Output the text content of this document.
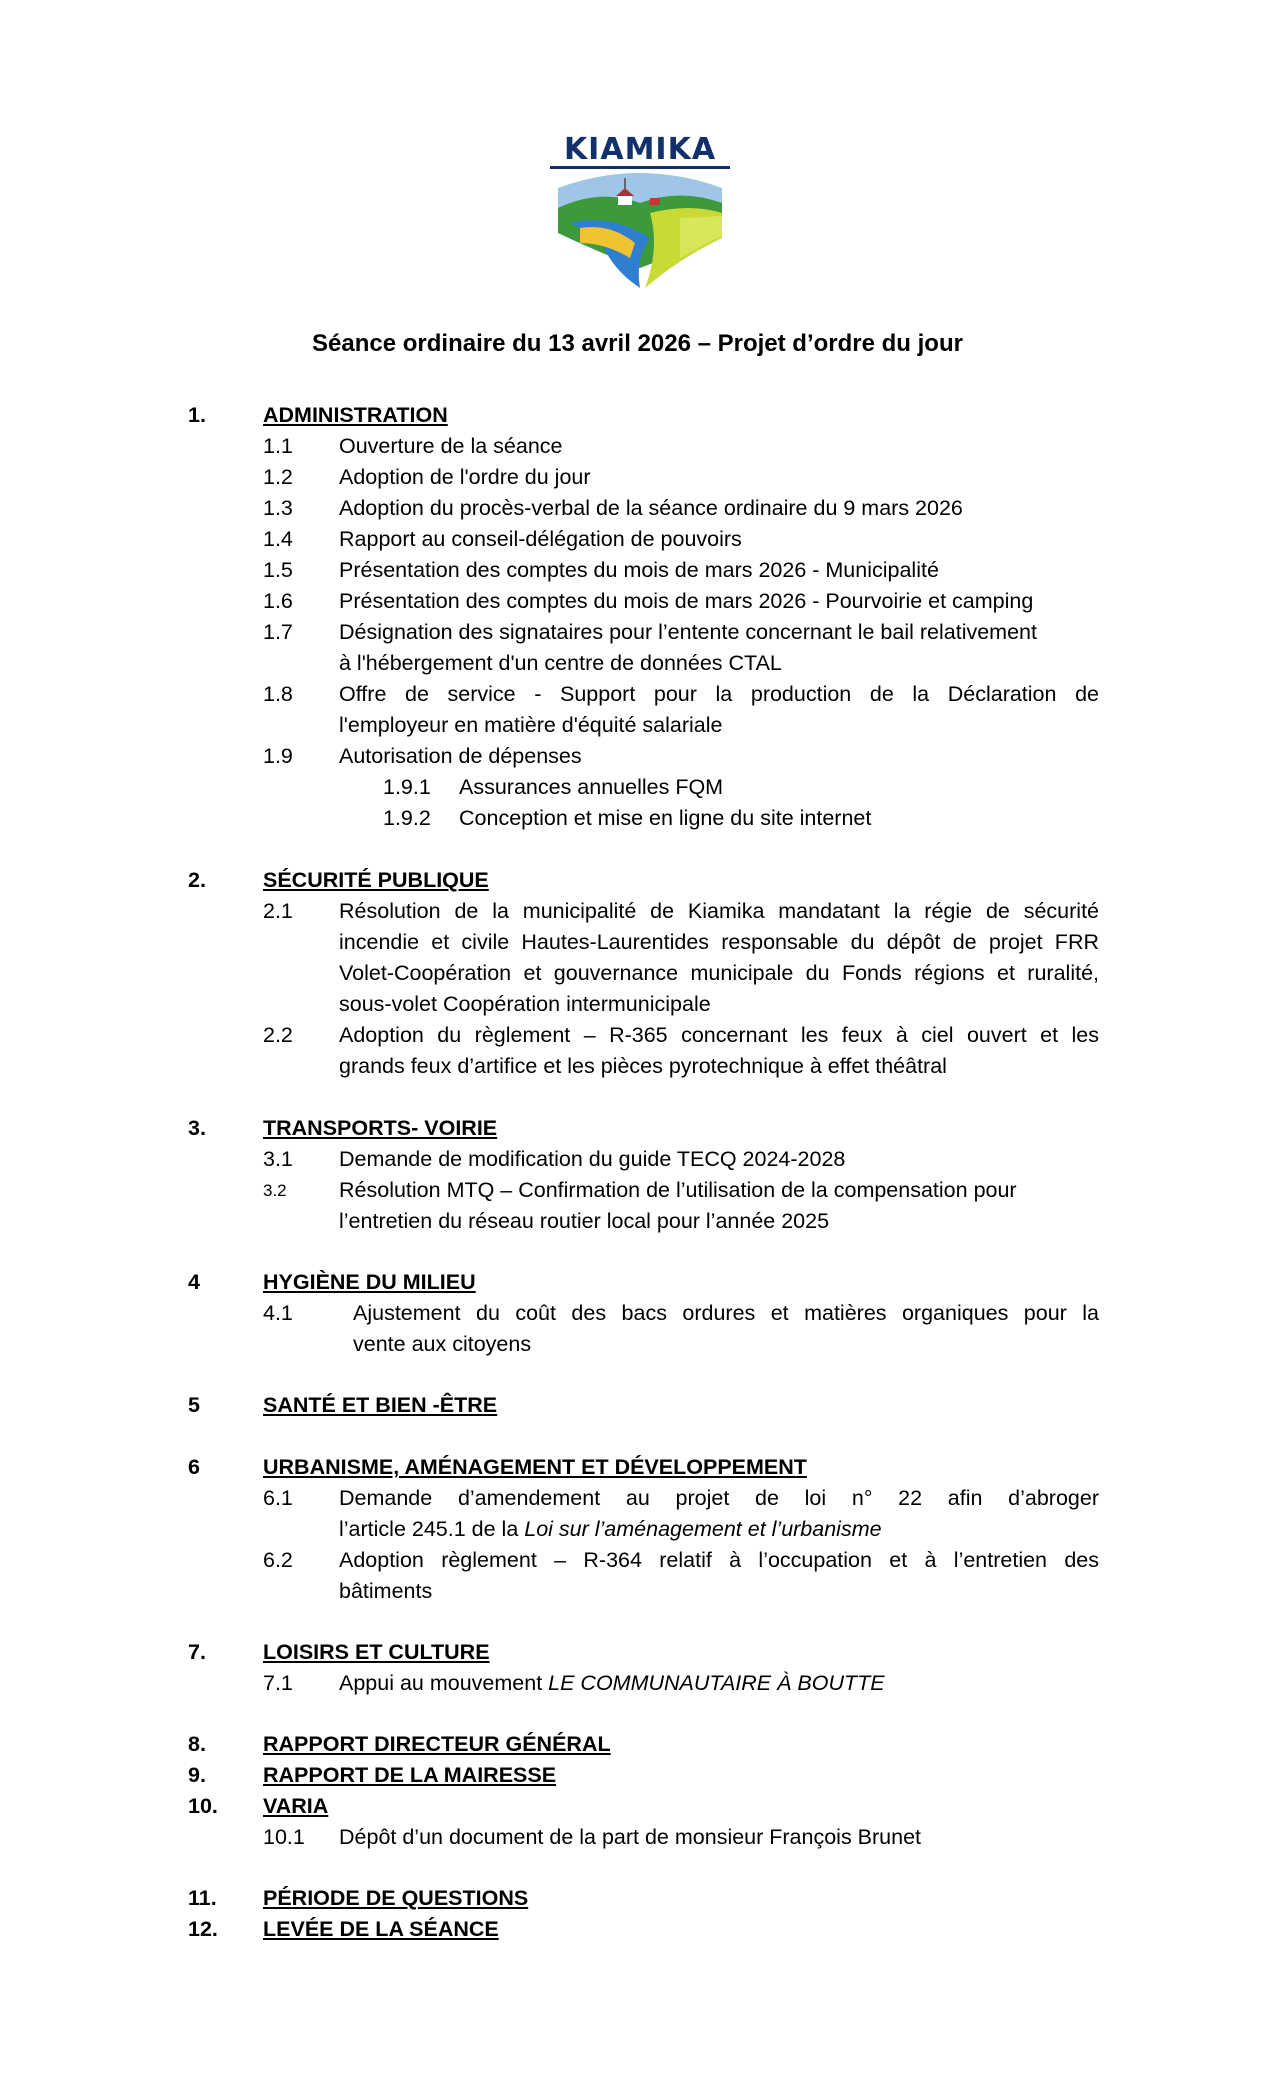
KIAMIKA
Séance ordinaire du 13 avril 2026 – Projet d’ordre du jour
1.	ADMINISTRATION
1.1 Ouverture de la séance
1.2 Adoption de l'ordre du jour
1.3 Adoption du procès-verbal de la séance ordinaire du 9 mars 2026
1.4 Rapport au conseil-délégation de pouvoirs
1.5 Présentation des comptes du mois de mars 2026 - Municipalité
1.6 Présentation des comptes du mois de mars 2026 - Pourvoirie et camping
1.7 Désignation des signataires pour l’entente concernant le bail relativement
à l'hébergement d'un centre de données CTAL
1.8 Offre de service - Support pour la production de la Déclaration de
l'employeur en matière d'équité salariale
1.9 Autorisation de dépenses
1.9.1 Assurances annuelles FQM
1.9.2 Conception et mise en ligne du site internet
2.	SÉCURITÉ PUBLIQUE
2.1 Résolution de la municipalité de Kiamika mandatant la régie de sécurité
incendie et civile Hautes-Laurentides responsable du dépôt de projet FRR
Volet-Coopération et gouvernance municipale du Fonds régions et ruralité,
sous-volet Coopération intermunicipale
2.2 Adoption du règlement – R-365 concernant les feux à ciel ouvert et les
grands feux d’artifice et les pièces pyrotechnique à effet théâtral
3.	TRANSPORTS- VOIRIE
3.1 Demande de modification du guide TECQ 2024-2028
3.2 Résolution MTQ – Confirmation de l’utilisation de la compensation pour
l’entretien du réseau routier local pour l’année 2025
4	HYGIÈNE DU MILIEU
4.1	Ajustement du coût des bacs ordures et matières organiques pour la
vente aux citoyens
5	SANTÉ ET BIEN -ÊTRE
6	URBANISME, AMÉNAGEMENT ET DÉVELOPPEMENT
6.1 Demande d’amendement au projet de loi n° 22 afin d’abroger
l’article 245.1 de la Loi sur l’aménagement et l’urbanisme
6.2 Adoption règlement – R-364 relatif à l’occupation et à l’entretien des
bâtiments
7.	LOISIRS ET CULTURE
7.1 Appui au mouvement LE COMMUNAUTAIRE À BOUTTE
8.	RAPPORT DIRECTEUR GÉNÉRAL
9.	RAPPORT DE LA MAIRESSE
10. VARIA
10.1 Dépôt d’un document de la part de monsieur François Brunet
11. PÉRIODE DE QUESTIONS
12. LEVÉE DE LA SÉANCE
